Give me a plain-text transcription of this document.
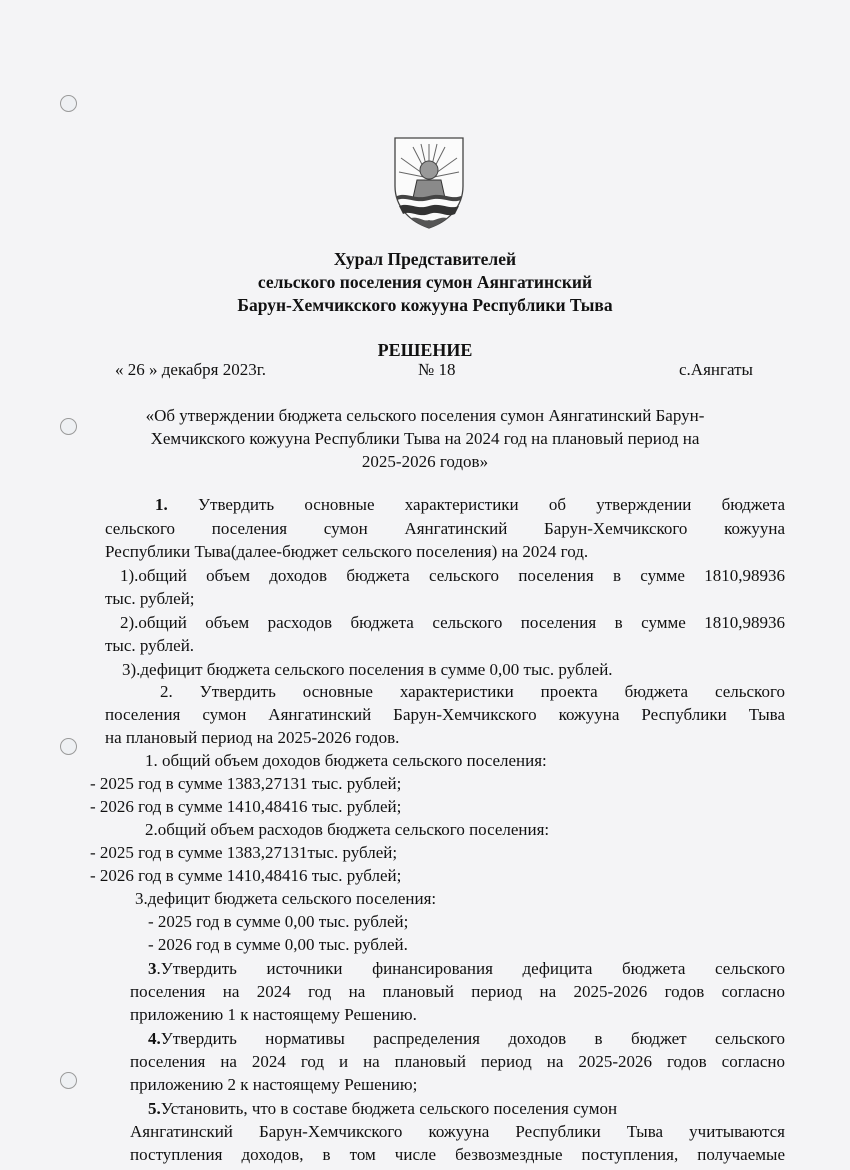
Хурал Представителей
сельского поселения сумон Аянгатинский
Барун-Хемчикского кожууна Республики Тыва
РЕШЕНИЕ
« 26 » декабря 2023г.	№ 18	с.Аянгаты
«Об утверждении бюджета сельского поселения сумон Аянгатинский Барун-
Хемчикского кожууна Республики Тыва на 2024 год на плановый период на
2025-2026 годов»
1. Утвердить основные характеристики об утверждении бюджета
сельского поселения сумон Аянгатинский Барун-Хемчикского кожууна
Республики Тыва(далее-бюджет сельского поселения) на 2024 год.
1).общий объем доходов бюджета сельского поселения в сумме 1810,98936
тыс. рублей;
2).общий объем расходов бюджета сельского поселения в сумме 1810,98936
тыс. рублей.
3).дефицит бюджета сельского поселения в сумме 0,00 тыс. рублей.
2. Утвердить основные характеристики проекта бюджета сельского
поселения сумон Аянгатинский Барун-Хемчикского кожууна Республики Тыва
на плановый период на 2025-2026 годов.
1. общий объем доходов бюджета сельского поселения:
- 2025 год в сумме 1383,27131 тыс. рублей;
- 2026 год в сумме 1410,48416 тыс. рублей;
2.общий объем расходов бюджета сельского поселения:
- 2025 год в сумме 1383,27131тыс. рублей;
- 2026 год в сумме 1410,48416 тыс. рублей;
3.дефицит бюджета сельского поселения:
- 2025 год в сумме 0,00 тыс. рублей;
- 2026 год в сумме 0,00 тыс. рублей.
3.Утвердить источники финансирования дефицита бюджета сельского
поселения на 2024 год на плановый период на 2025-2026 годов согласно
приложению 1 к настоящему Решению.
4.Утвердить нормативы распределения доходов в бюджет сельского
поселения на 2024 год и на плановый период на 2025-2026 годов согласно
приложению 2 к настоящему Решению;
5.Установить, что в составе бюджета сельского поселения сумон
Аянгатинский Барун-Хемчикского кожууна Республики Тыва учитываются
поступления доходов, в том числе безвозмездные поступления, получаемые
